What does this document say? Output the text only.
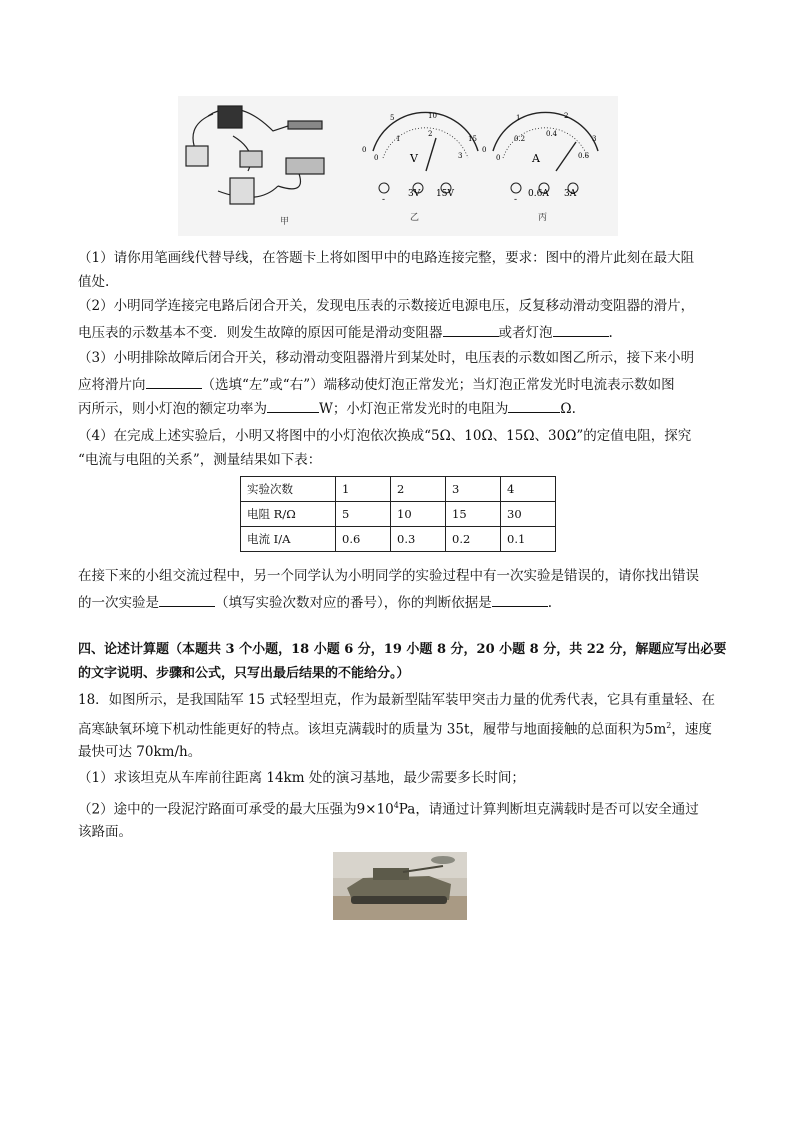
甲
0
5	10
15
0
1
2
3
V
-
3V 15V
乙
0
1	2
3
0
0.2
0.4
0.6
A
-
0.6A 3A
丙
（1）请你用笔画线代替导线，在答题卡上将如图甲中的电路连接完整，要求：图中的滑片此刻在最大阻
值处.
（2）小明同学连接完电路后闭合开关，发现电压表的示数接近电源电压，反复移动滑动变阻器的滑片，
电压表的示数基本不变．则发生故障的原因可能是滑动变阻器	或者灯泡	.
（3）小明排除故障后闭合开关，移动滑动变阻器滑片到某处时，电压表的示数如图乙所示，接下来小明
应将滑片向	（选填“左”或“右”）端移动使灯泡正常发光；当灯泡正常发光时电流表示数如图
丙所示，则小灯泡的额定功率为	W；小灯泡正常发光时的电阻为	Ω.
（4）在完成上述实验后，小明又将图中的小灯泡依次换成“5Ω、10Ω、15Ω、30Ω”的定值电阻，探究
“电流与电阻的关系”，测量结果如下表：
实验次数	1	2	3	4
电阻 R/Ω	5	10	15	30
电流 I/A	0.6	0.3	0.2	0.1
在接下来的小组交流过程中，另一个同学认为小明同学的实验过程中有一次实验是错误的，请你找出错误
的一次实验是	（填写实验次数对应的番号），你的判断依据是	.
四、论述计算题（本题共 3 个小题，18 小题 6 分，19 小题 8 分，20 小题 8 分，共 22 分，解题应写出必要
的文字说明、步骤和公式，只写出最后结果的不能给分。）
18．如图所示，是我国陆军 15 式轻型坦克，作为最新型陆军装甲突击力量的优秀代表，它具有重量轻、在
高寒缺氧环境下机动性能更好的特点。该坦克满载时的质量为 35t，履带与地面接触的总面积为$5m^2$，速度
最快可达 70km/h。
（1）求该坦克从车库前往距离 14km 处的演习基地，最少需要多长时间；
（2）途中的一段泥泞路面可承受的最大压强为$9\times 10^4Pa$，请通过计算判断坦克满载时是否可以安全通过
该路面。
